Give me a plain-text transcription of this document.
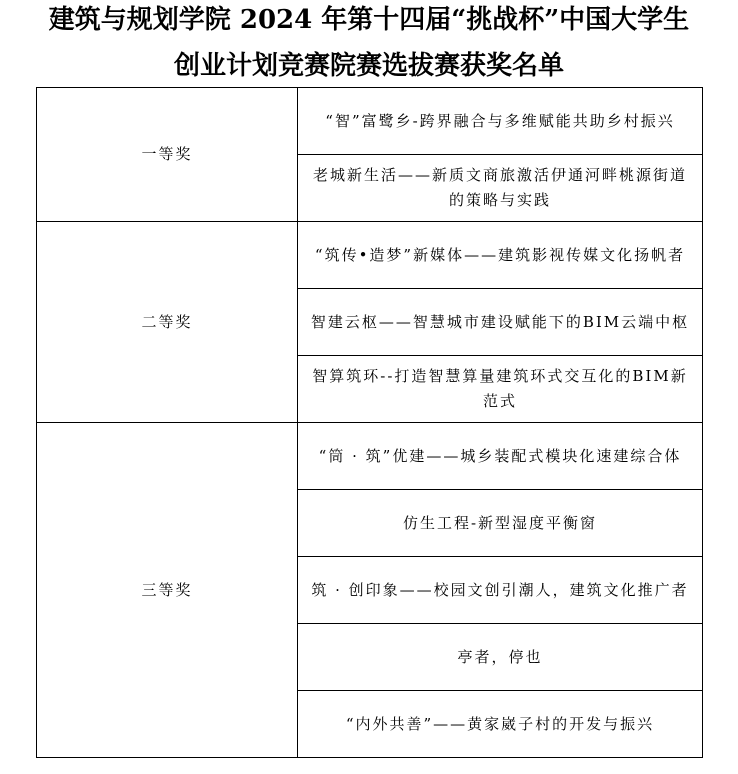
建筑与规划学院 2024 年第十四届“挑战杯”中国大学生
创业计划竞赛院赛选拔赛获奖名单
一等奖	“智”富鹭乡-跨界融合与多维赋能共助乡村振兴
	老城新生活——新质文商旅激活伊通河畔桃源街道的策略与实践
二等奖	“筑传•造梦”新媒体——建筑影视传媒文化扬帆者
	智建云枢——智慧城市建设赋能下的BIM云端中枢
	智算筑环--打造智慧算量建筑环式交互化的BIM新范式
三等奖	“筒 · 筑”优建——城乡装配式模块化速建综合体
	仿生工程-新型湿度平衡窗
	筑 · 创印象——校园文创引潮人，建筑文化推广者
	亭者，停也
	“内外共善”——黄家崴子村的开发与振兴
